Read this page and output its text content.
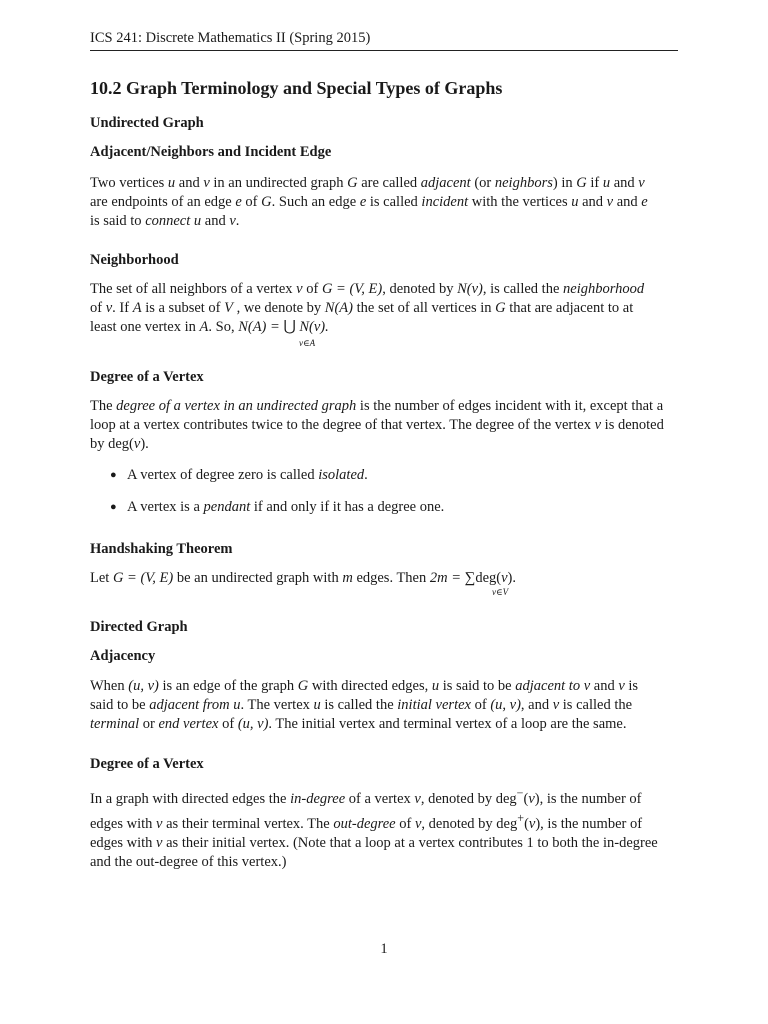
ICS 241: Discrete Mathematics II (Spring 2015)
10.2 Graph Terminology and Special Types of Graphs
Undirected Graph
Adjacent/Neighbors and Incident Edge
Two vertices u and v in an undirected graph G are called adjacent (or neighbors) in G if u and v
are endpoints of an edge e of G. Such an edge e is called incident with the vertices u and v and e
is said to connect u and v.
Neighborhood
The set of all neighbors of a vertex v of G = (V, E), denoted by N(v), is called the neighborhood
of v. If A is a subset of V , we denote by N(A) the set of all vertices in G that are adjacent to at
least one vertex in A. So, N(A) = ⋃ N(v).
v∈A
Degree of a Vertex
The degree of a vertex in an undirected graph is the number of edges incident with it, except that a
loop at a vertex contributes twice to the degree of that vertex. The degree of the vertex v is denoted
by deg(v).
● A vertex of degree zero is called isolated.
● A vertex is a pendant if and only if it has a degree one.
Handshaking Theorem
Let G = (V, E) be an undirected graph with m edges. Then 2m = ∑deg(v).
v∈V
Directed Graph
Adjacency
When (u, v) is an edge of the graph G with directed edges, u is said to be adjacent to v and v is
said to be adjacent from u. The vertex u is called the initial vertex of (u, v), and v is called the
terminal or end vertex of (u, v). The initial vertex and terminal vertex of a loop are the same.
Degree of a Vertex
In a graph with directed edges the in-degree of a vertex v, denoted by deg−(v), is the number of
edges with v as their terminal vertex. The out-degree of v, denoted by deg+(v), is the number of
edges with v as their initial vertex. (Note that a loop at a vertex contributes 1 to both the in-degree
and the out-degree of this vertex.)
1
